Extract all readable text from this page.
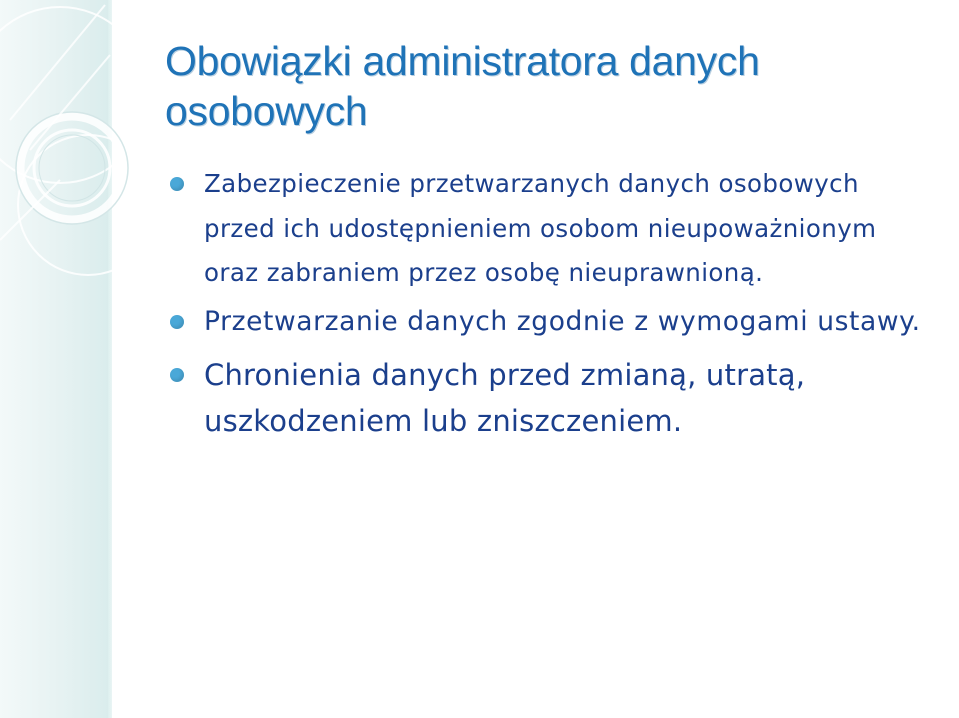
Obowiązki administratora danych osobowych
Zabezpieczenie przetwarzanych danych osobowych przed ich udostępnieniem osobom nieupoważnionym oraz zabraniem przez osobę nieuprawnioną.
Przetwarzanie danych zgodnie z wymogami ustawy.
Chronienia danych przed zmianą, utratą, uszkodzeniem lub zniszczeniem.
